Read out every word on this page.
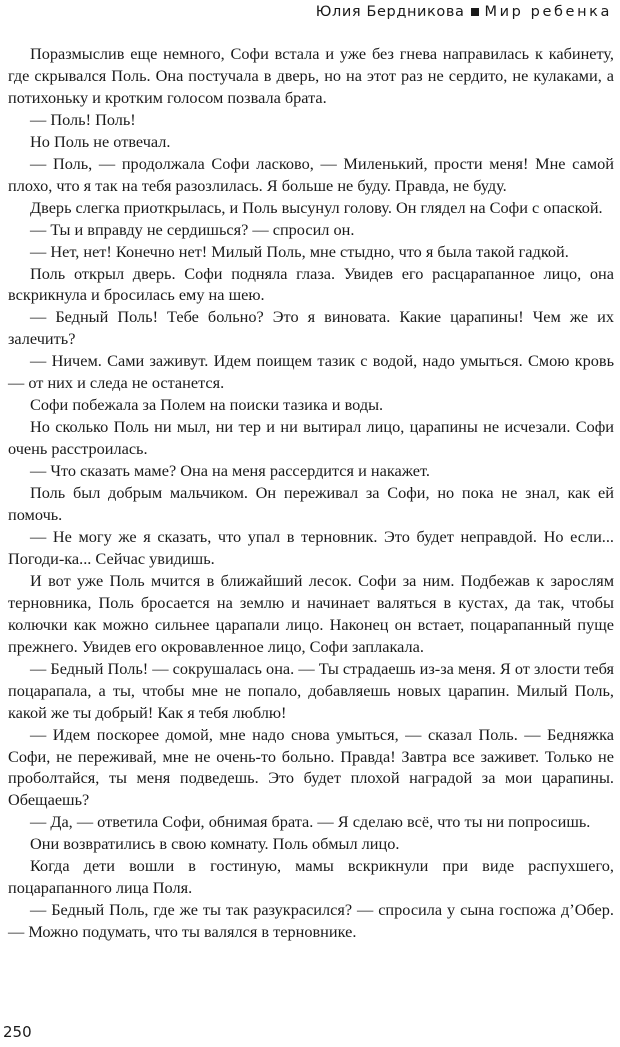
Юлия Бердникова Мир ребенка

Поразмыслив еще немного, Софи встала и уже без гнева направилась к кабинету, где скрывался Поль. Она постучала в дверь, но на этот раз не сердито, не кулаками, а потихоньку и кротким голосом позвала брата.

— Поль! Поль!

Но Поль не отвечал.

— Поль, — продолжала Софи ласково, — Миленький, прости меня! Мне самой плохо, что я так на тебя разозлилась. Я больше не буду. Правда, не буду.

Дверь слегка приоткрылась, и Поль высунул голову. Он глядел на Софи с опаской.

— Ты и вправду не сердишься? — спросил он.

— Нет, нет! Конечно нет! Милый Поль, мне стыдно, что я была такой гадкой.

Поль открыл дверь. Софи подняла глаза. Увидев его расцарапанное лицо, она вскрикнула и бросилась ему на шею.

— Бедный Поль! Тебе больно? Это я виновата. Какие царапины! Чем же их залечить?

— Ничем. Сами заживут. Идем поищем тазик с водой, надо умыться. Смою кровь — от них и следа не останется.

Софи побежала за Полем на поиски тазика и воды.

Но сколько Поль ни мыл, ни тер и ни вытирал лицо, царапины не исчезали. Софи очень расстроилась.

— Что сказать маме? Она на меня рассердится и накажет.

Поль был добрым мальчиком. Он переживал за Софи, но пока не знал, как ей помочь.

— Не могу же я сказать, что упал в терновник. Это будет неправдой. Но если... Погоди-ка... Сейчас увидишь.

И вот уже Поль мчится в ближайший лесок. Софи за ним. Подбежав к зарослям терновника, Поль бросается на землю и начинает валяться в кустах, да так, чтобы колючки как можно сильнее царапали лицо. Наконец он встает, поцарапанный пуще прежнего. Увидев его окровавленное лицо, Софи заплакала.

— Бедный Поль! — сокрушалась она. — Ты страдаешь из-за меня. Я от злости тебя поцарапала, а ты, чтобы мне не попало, добавляешь новых царапин. Милый Поль, какой же ты добрый! Как я тебя люблю!

— Идем поскорее домой, мне надо снова умыться, — сказал Поль. — Бедняжка Софи, не переживай, мне не очень-то больно. Правда! Завтра все заживет. Только не проболтайся, ты меня подведешь. Это будет плохой наградой за мои царапины. Обещаешь?

— Да, — ответила Софи, обнимая брата. — Я сделаю всё, что ты ни попросишь.

Они возвратились в свою комнату. Поль обмыл лицо.

Когда дети вошли в гостиную, мамы вскрикнули при виде распухшего, поцарапанного лица Поля.

— Бедный Поль, где же ты так разукрасился? — спросила у сына госпожа д’Обер. — Можно подумать, что ты валялся в терновнике.

250
